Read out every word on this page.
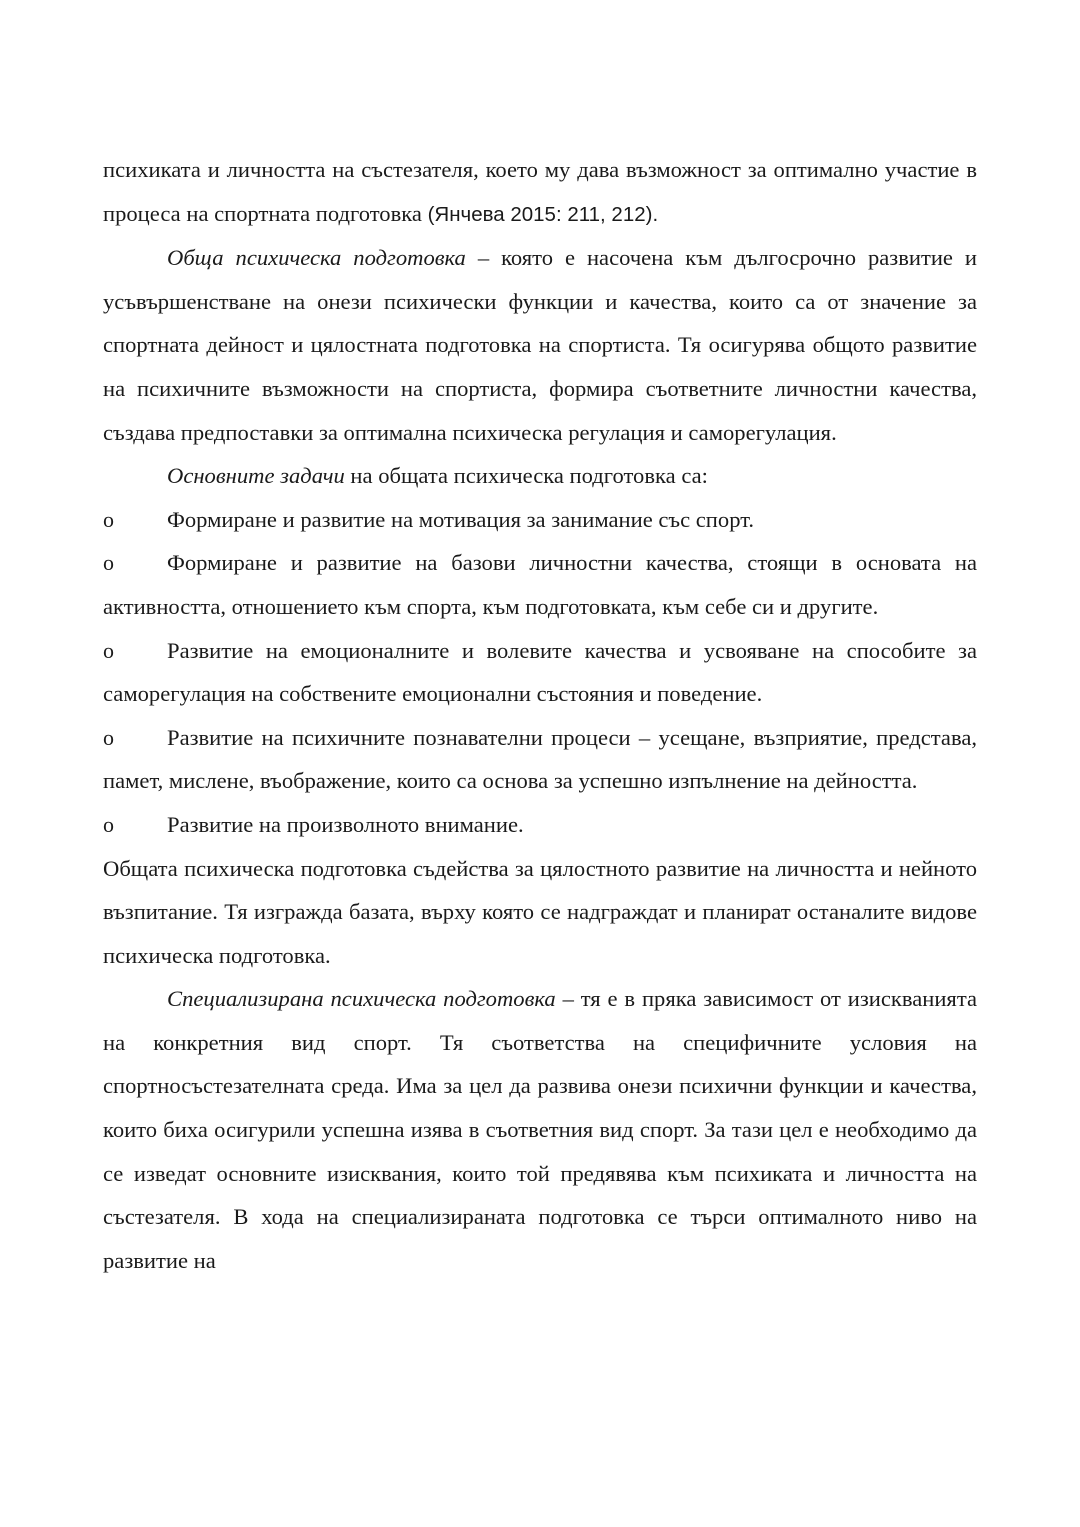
психиката и личността на състезателя, което му дава възможност за оптимално участие в процеса на спортната подготовка (Янчева 2015: 211, 212).

Обща психическа подготовка – която е насочена към дългосрочно развитие и усъвършенстване на онези психически функции и качества, които са от значение за спортната дейност и цялостната подготовка на спортиста. Тя осигурява общото развитие на психичните възможности на спортиста, формира съответните личностни качества, създава предпоставки за оптимална психическа регулация и саморегулация.

Основните задачи на общата психическа подготовка са:

o Формиране и развитие на мотивация за занимание със спорт.

o Формиране и развитие на базови личностни качества, стоящи в основата на активността, отношението към спорта, към подготовката, към себе си и другите.

o Развитие на емоционалните и волевите качества и усвояване на способите за саморегулация на собствените емоционални състояния и поведение.

o Развитие на психичните познавателни процеси – усещане, възприятие, представа, памет, мислене, въображение, които са основа за успешно изпълнение на дейността.

o Развитие на произволното внимание.

Общата психическа подготовка съдейства за цялостното развитие на личността и нейното възпитание. Тя изгражда базата, върху която се надграждат и планират останалите видове психическа подготовка.

Специализирана психическа подготовка – тя е в пряка зависимост от изискванията на конкретния вид спорт. Тя съответства на специфичните условия на спортносъстезателната среда. Има за цел да развива онези психични функции и качества, които биха осигурили успешна изява в съответния вид спорт. За тази цел е необходимо да се изведат основните изисквания, които той предявява към психиката и личността на състезателя. В хода на специализираната подготовка се търси оптималното ниво на развитие на
